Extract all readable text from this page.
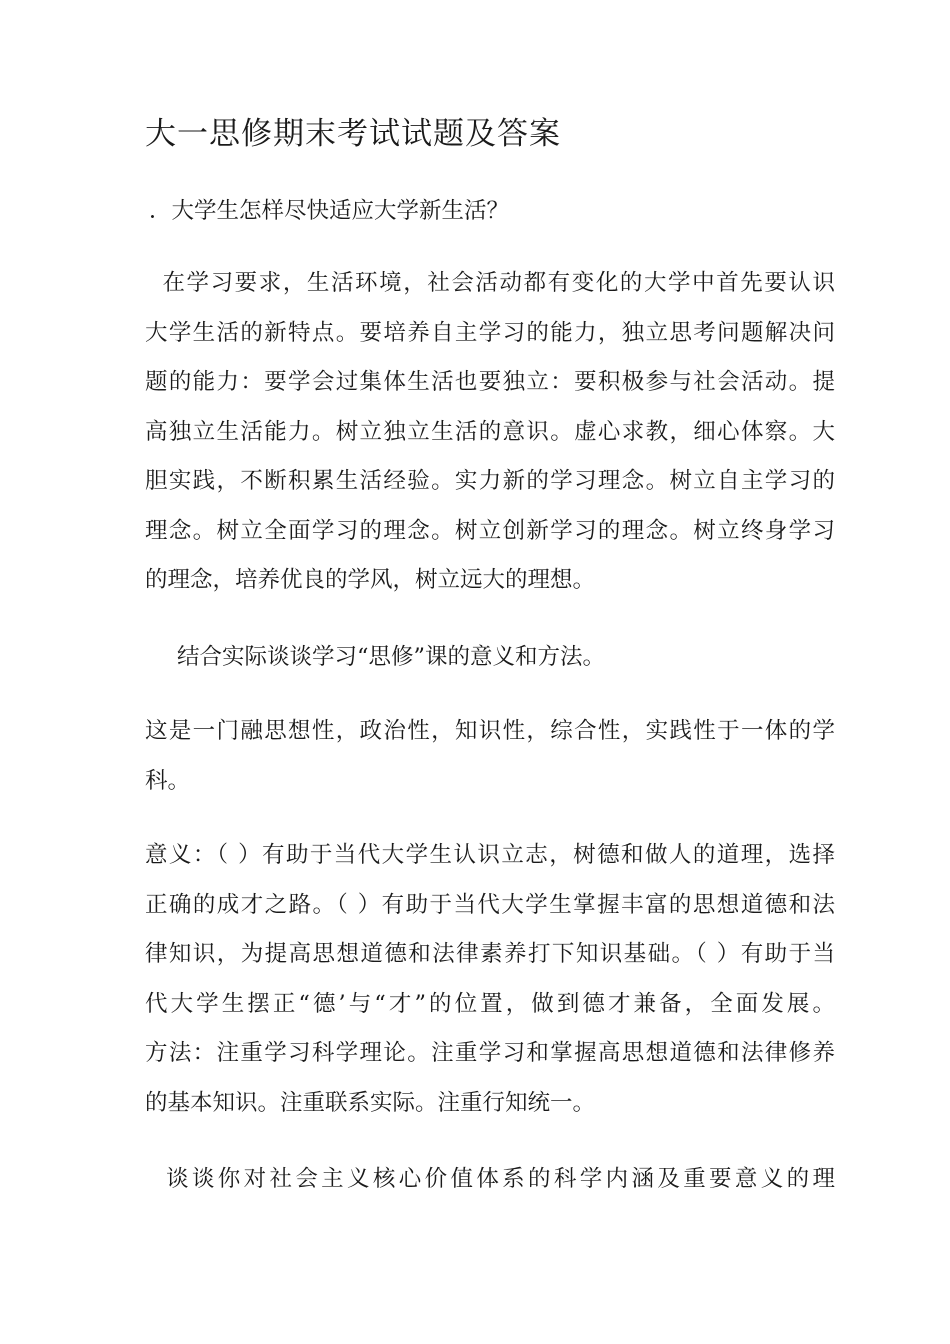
大一思修期末考试试题及答案
．大学生怎样尽快适应大学新生活？
在学习要求，生活环境，社会活动都有变化的大学中首先要认识
大学生活的新特点。要培养自主学习的能力，独立思考问题解决问
题的能力：要学会过集体生活也要独立：要积极参与社会活动。提
高独立生活能力。树立独立生活的意识。虚心求教，细心体察。大
胆实践，不断积累生活经验。实力新的学习理念。树立自主学习的
理念。树立全面学习的理念。树立创新学习的理念。树立终身学习
的理念，培养优良的学风，树立远大的理想。
结合实际谈谈学习“思修”课的意义和方法。
这是一门融思想性，政治性，知识性，综合性，实践性于一体的学
科。
意义：（ ）有助于当代大学生认识立志，树德和做人的道理，选择
正确的成才之路。（ ）有助于当代大学生掌握丰富的思想道德和法
律知识，为提高思想道德和法律素养打下知识基础。（ ）有助于当
代大学生摆正“德’与“才”的位置，做到德才兼备，全面发展。
方法：注重学习科学理论。注重学习和掌握高思想道德和法律修养
的基本知识。注重联系实际。注重行知统一。
谈谈你对社会主义核心价值体系的科学内涵及重要意义的理
